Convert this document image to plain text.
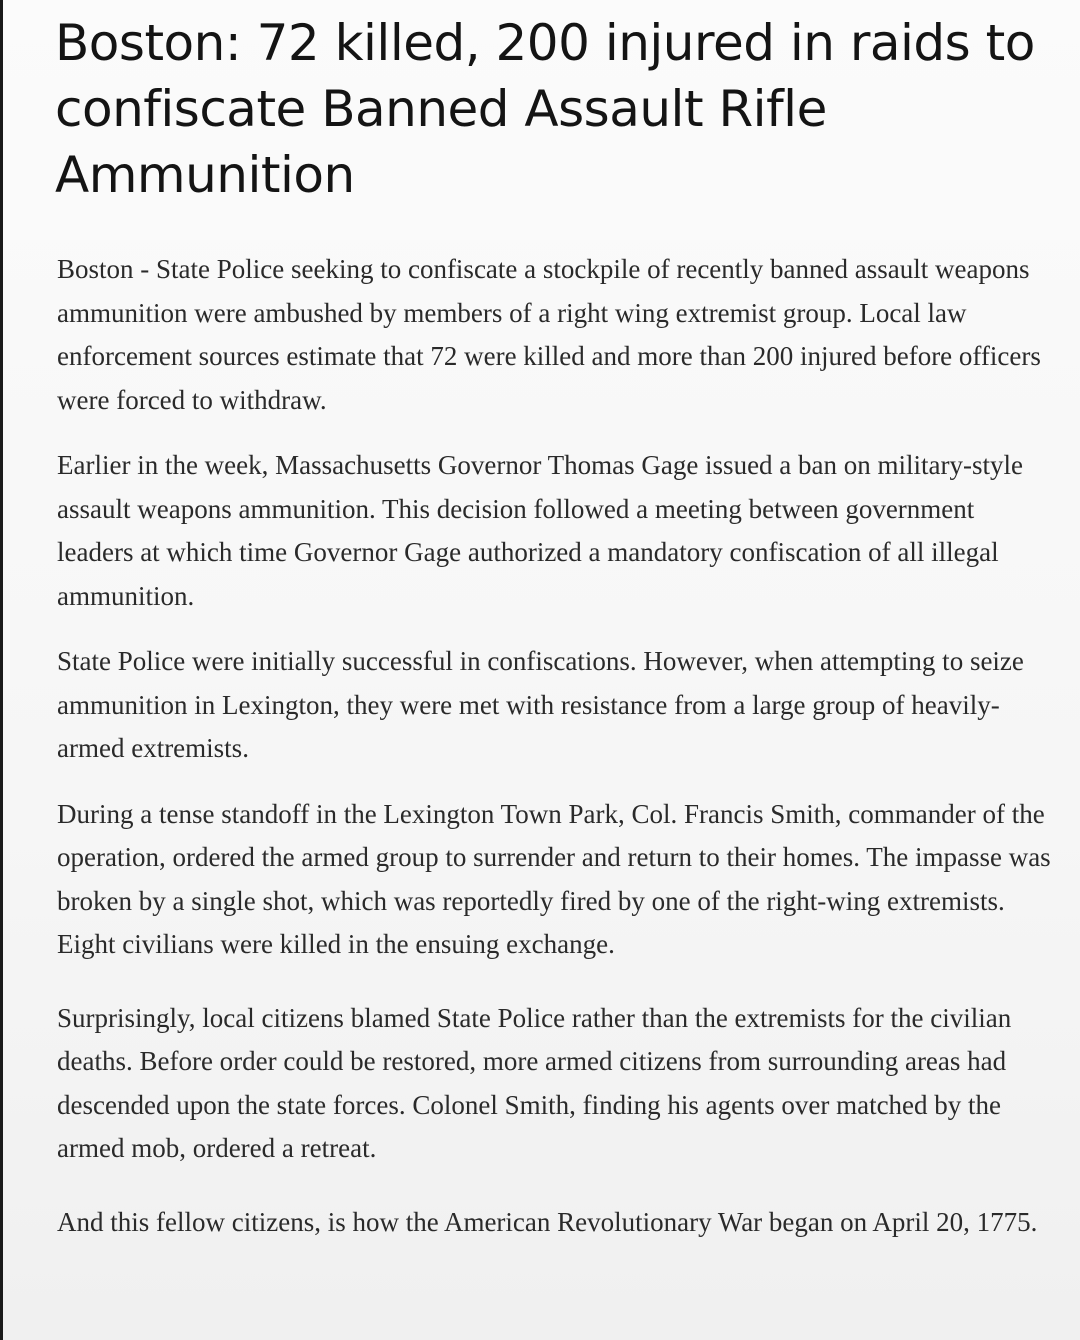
Boston: 72 killed, 200 injured in raids to confiscate Banned Assault Rifle Ammunition

Boston - State Police seeking to confiscate a stockpile of recently banned assault weapons ammunition were ambushed by members of a right wing extremist group. Local law enforcement sources estimate that 72 were killed and more than 200 injured before officers were forced to withdraw.

Earlier in the week, Massachusetts Governor Thomas Gage issued a ban on military-style assault weapons ammunition. This decision followed a meeting between government leaders at which time Governor Gage authorized a mandatory confiscation of all illegal ammunition.

State Police were initially successful in confiscations. However, when attempting to seize ammunition in Lexington, they were met with resistance from a large group of heavily-armed extremists.

During a tense standoff in the Lexington Town Park, Col. Francis Smith, commander of the operation, ordered the armed group to surrender and return to their homes. The impasse was broken by a single shot, which was reportedly fired by one of the right-wing extremists. Eight civilians were killed in the ensuing exchange.

Surprisingly, local citizens blamed State Police rather than the extremists for the civilian deaths. Before order could be restored, more armed citizens from surrounding areas had descended upon the state forces. Colonel Smith, finding his agents over matched by the armed mob, ordered a retreat.

And this fellow citizens, is how the American Revolutionary War began on April 20, 1775.
